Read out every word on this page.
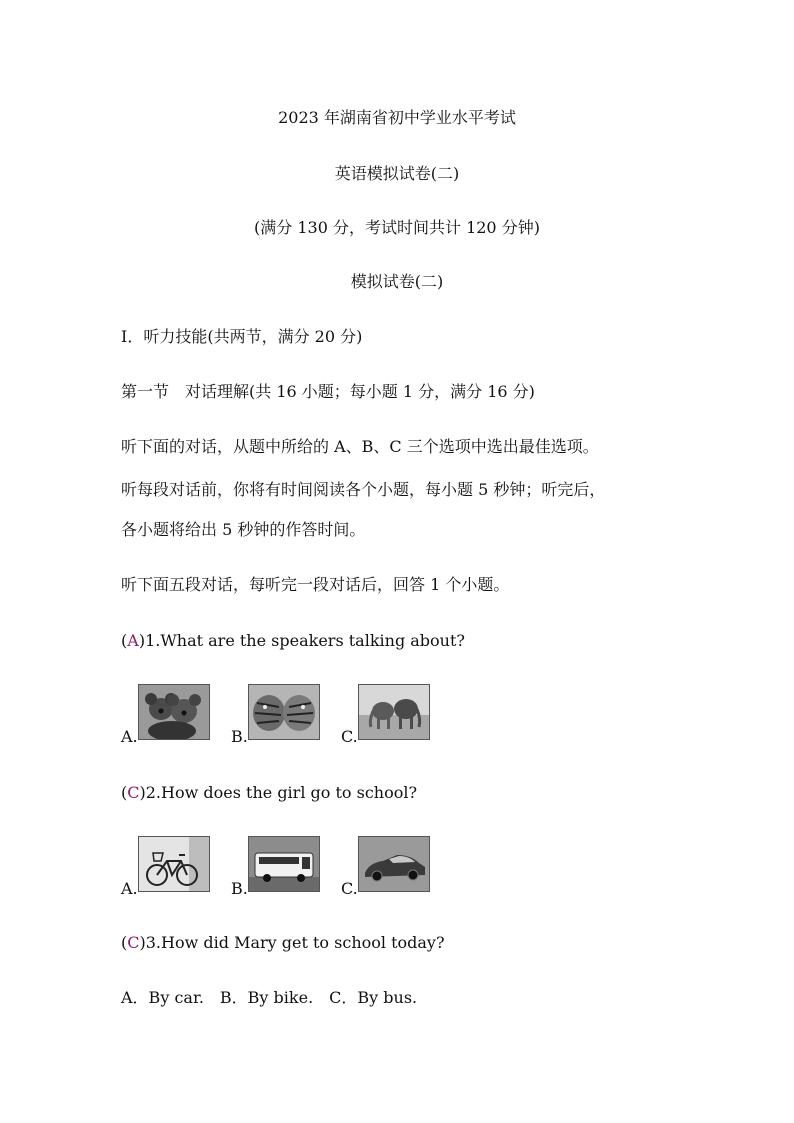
2023 年湖南省初中学业水平考试
英语模拟试卷(二)
(满分 130 分，考试时间共计 120 分钟)
模拟试卷(二)
I．听力技能(共两节，满分 20 分)
第一节　对话理解(共 16 小题；每小题 1 分，满分 16 分)
听下面的对话，从题中所给的 A、B、C 三个选项中选出最佳选项。
听每段对话前，你将有时间阅读各个小题，每小题 5 秒钟；听完后，
各小题将给出 5 秒钟的作答时间。
听下面五段对话，每听完一段对话后，回答 1 个小题。
(A)1.What are the speakers talking about?
A.	B.	C.
(C)2.How does the girl go to school?
A.	B.	C.
(C)3.How did Mary get to school today?
A．By car.　B．By bike.　C．By bus.
